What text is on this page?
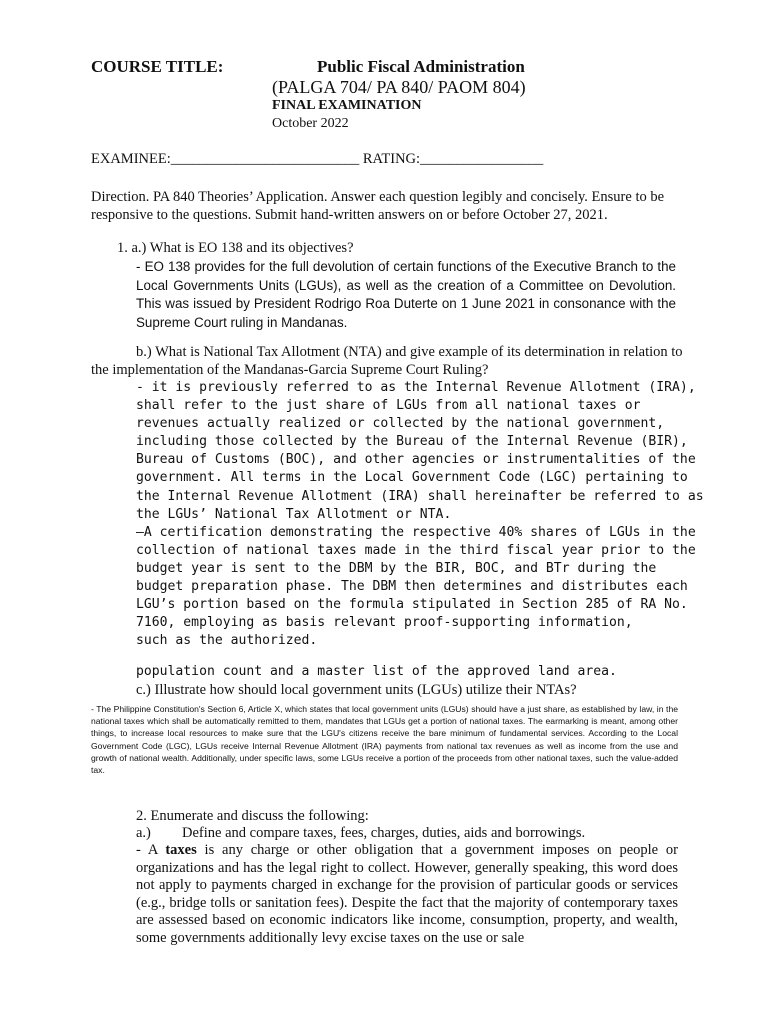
COURSE TITLE:	Public Fiscal Administration
(PALGA 704/ PA 840/ PAOM 804)
FINAL EXAMINATION
October 2022
EXAMINEE:__________________________ RATING:_________________
Direction. PA 840 Theories’ Application. Answer each question legibly and concisely. Ensure to be responsive to the questions. Submit hand-written answers on or before October 27, 2021.
1. a.) What is EO 138 and its objectives?
- EO 138 provides for the full devolution of certain functions of the Executive Branch to the Local Governments Units (LGUs), as well as the creation of a Committee on Devolution. This was issued by President Rodrigo Roa Duterte on 1 June 2021 in consonance with the Supreme Court ruling in Mandanas.
b.) What is National Tax Allotment (NTA) and give example of its determination in relation to the implementation of the Mandanas-Garcia Supreme Court Ruling?
- it is previously referred to as the Internal Revenue Allotment (IRA),
shall refer to the just share of LGUs from all national taxes or
revenues actually realized or collected by the national government,
including those collected by the Bureau of the Internal Revenue (BIR),
Bureau of Customs (BOC), and other agencies or instrumentalities of the
government. All terms in the Local Government Code (LGC) pertaining to
the Internal Revenue Allotment (IRA) shall hereinafter be referred to as
the LGUs’ National Tax Allotment or NTA.
–A certification demonstrating the respective 40% shares of LGUs in the
collection of national taxes made in the third fiscal year prior to the
budget year is sent to the DBM by the BIR, BOC, and BTr during the
budget preparation phase. The DBM then determines and distributes each
LGU’s portion based on the formula stipulated in Section 285 of RA No.
7160, employing as basis relevant proof-supporting information,
such as the authorized.
population count and a master list of the approved land area.
c.) Illustrate how should local government units (LGUs) utilize their NTAs?
- The Philippine Constitution's Section 6, Article X, which states that local government units (LGUs) should have a just share, as established by law, in the national taxes which shall be automatically remitted to them, mandates that LGUs get a portion of national taxes. The earmarking is meant, among other things, to increase local resources to make sure that the LGU's citizens receive the bare minimum of fundamental services. According to the Local Government Code (LGC), LGUs receive Internal Revenue Allotment (IRA) payments from national tax revenues as well as income from the use and growth of national wealth. Additionally, under specific laws, some LGUs receive a portion of the proceeds from other national taxes, such the value-added tax.
2. Enumerate and discuss the following:
a.) Define and compare taxes, fees, charges, duties, aids and borrowings.
- A taxes is any charge or other obligation that a government imposes on people or organizations and has the legal right to collect. However, generally speaking, this word does not apply to payments charged in exchange for the provision of particular goods or services (e.g., bridge tolls or sanitation fees). Despite the fact that the majority of contemporary taxes are assessed based on economic indicators like income, consumption, property, and wealth, some governments additionally levy excise taxes on the use or sale
